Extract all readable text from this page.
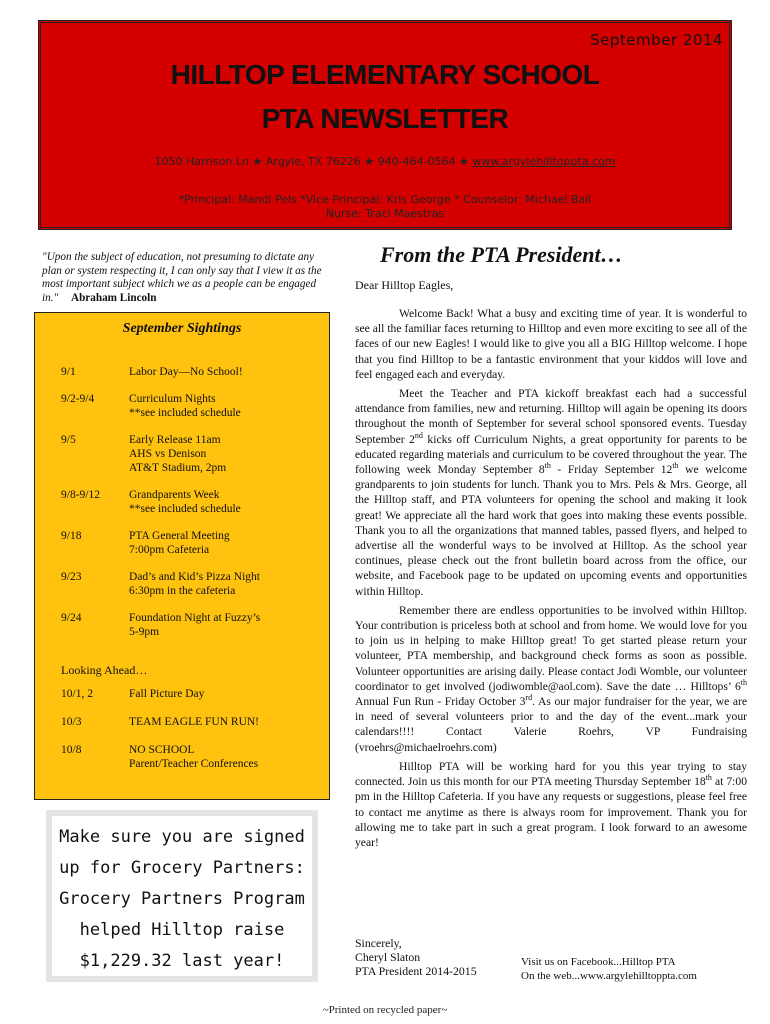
September 2014
HILLTOP ELEMENTARY SCHOOL
PTA NEWSLETTER
1050 Harrison Ln ★ Argyle, TX 76226 ★ 940-464-0564 ★ www.argylehilltoppta.com
*Principal: Mandi Pels *Vice Principal: Kris George * Counselor: Michael Ball
Nurse: Traci Maestras
"Upon the subject of education, not presuming to dictate any plan or system respecting it, I can only say that I view it as the most important subject which we as a people can be engaged in." Abraham Lincoln
September Sightings
9/1	Labor Day—No School!
9/2-9/4	Curriculum Nights
**see included schedule
9/5	Early Release 11am
AHS vs Denison
AT&T Stadium, 2pm
9/8-9/12	Grandparents Week
**see included schedule
9/18	PTA General Meeting
7:00pm Cafeteria
9/23	Dad’s and Kid’s Pizza Night
6:30pm in the cafeteria
9/24	Foundation Night at Fuzzy’s
5-9pm
Looking Ahead…
10/1, 2	Fall Picture Day
10/3	TEAM EAGLE FUN RUN!
10/8	NO SCHOOL
Parent/Teacher Conferences
Make sure you are signed
up for Grocery Partners:
Grocery Partners Program
helped Hilltop raise
$1,229.32 last year!
From the PTA President…
Dear Hilltop Eagles,

Welcome Back! What a busy and exciting time of year. It is wonderful to see all the familiar faces returning to Hilltop and even more exciting to see all of the faces of our new Eagles! I would like to give you all a BIG Hilltop welcome. I hope that you find Hilltop to be a fantastic environment that your kiddos will love and feel engaged each and everyday.

Meet the Teacher and PTA kickoff breakfast each had a successful attendance from families, new and returning. Hilltop will again be opening its doors throughout the month of September for several school sponsored events. Tuesday September 2nd kicks off Curriculum Nights, a great opportunity for parents to be educated regarding materials and curriculum to be covered throughout the year. The following week Monday September 8th - Friday September 12th we welcome grandparents to join students for lunch. Thank you to Mrs. Pels & Mrs. George, all the Hilltop staff, and PTA volunteers for opening the school and making it look great! We appreciate all the hard work that goes into making these events possible. Thank you to all the organizations that manned tables, passed flyers, and helped to advertise all the wonderful ways to be involved at Hilltop. As the school year continues, please check out the front bulletin board across from the office, our website, and Facebook page to be updated on upcoming events and opportunities within Hilltop.

Remember there are endless opportunities to be involved within Hilltop. Your contribution is priceless both at school and from home. We would love for you to join us in helping to make Hilltop great! To get started please return your volunteer, PTA membership, and background check forms as soon as possible. Volunteer opportunities are arising daily. Please contact Jodi Womble, our volunteer coordinator to get involved (jodiwomble@aol.com). Save the date … Hilltops’ 6th Annual Fun Run - Friday October 3rd. As our major fundraiser for the year, we are in need of several volunteers prior to and the day of the event...mark your calendars!!!! Contact Valerie Roehrs, VP Fundraising (vroehrs@michaelroehrs.com)

Hilltop PTA will be working hard for you this year trying to stay connected. Join us this month for our PTA meeting Thursday September 18th at 7:00 pm in the Hilltop Cafeteria. If you have any requests or suggestions, please feel free to contact me anytime as there is always room for improvement. Thank you for allowing me to take part in such a great program. I look forward to an awesome year!

Sincerely,
Cheryl Slaton
PTA President 2014-2015
Visit us on Facebook...Hilltop PTA
On the web...www.argylehilltoppta.com
~Printed on recycled paper~
